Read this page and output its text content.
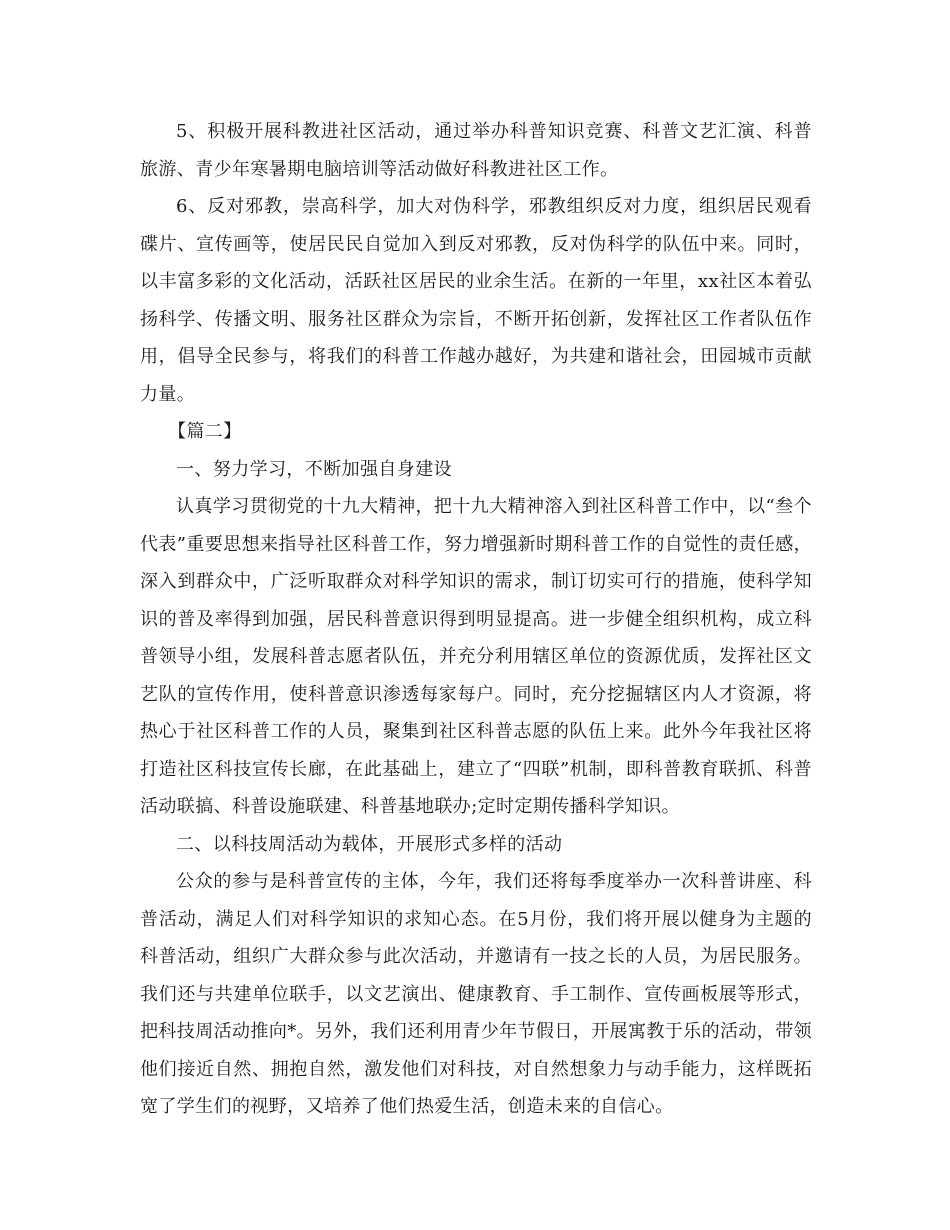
5、积极开展科教进社区活动，通过举办科普知识竞赛、科普文艺汇演、科普旅游、青少年寒暑期电脑培训等活动做好科教进社区工作。

6、反对邪教，崇高科学，加大对伪科学，邪教组织反对力度，组织居民观看碟片、宣传画等，使居民民自觉加入到反对邪教，反对伪科学的队伍中来。同时，以丰富多彩的文化活动，活跃社区居民的业余生活。在新的一年里，xx社区本着弘扬科学、传播文明、服务社区群众为宗旨，不断开拓创新，发挥社区工作者队伍作用，倡导全民参与，将我们的科普工作越办越好，为共建和谐社会，田园城市贡献力量。

【篇二】

一、努力学习，不断加强自身建设

认真学习贯彻党的十九大精神，把十九大精神溶入到社区科普工作中，以“叁个代表”重要思想来指导社区科普工作，努力增强新时期科普工作的自觉性的责任感，深入到群众中，广泛听取群众对科学知识的需求，制订切实可行的措施，使科学知识的普及率得到加强，居民科普意识得到明显提高。进一步健全组织机构，成立科普领导小组，发展科普志愿者队伍，并充分利用辖区单位的资源优质，发挥社区文艺队的宣传作用，使科普意识渗透每家每户。同时，充分挖掘辖区内人才资源，将热心于社区科普工作的人员，聚集到社区科普志愿的队伍上来。此外今年我社区将打造社区科技宣传长廊，在此基础上，建立了“四联”机制，即科普教育联抓、科普活动联搞、科普设施联建、科普基地联办;定时定期传播科学知识。

二、以科技周活动为载体，开展形式多样的活动

公众的参与是科普宣传的主体，今年，我们还将每季度举办一次科普讲座、科普活动，满足人们对科学知识的求知心态。在5月份，我们将开展以健身为主题的科普活动，组织广大群众参与此次活动，并邀请有一技之长的人员，为居民服务。我们还与共建单位联手，以文艺演出、健康教育、手工制作、宣传画板展等形式，把科技周活动推向*。另外，我们还利用青少年节假日，开展寓教于乐的活动，带领他们接近自然、拥抱自然，激发他们对科技，对自然想象力与动手能力，这样既拓宽了学生们的视野，又培养了他们热爱生活，创造未来的自信心。
